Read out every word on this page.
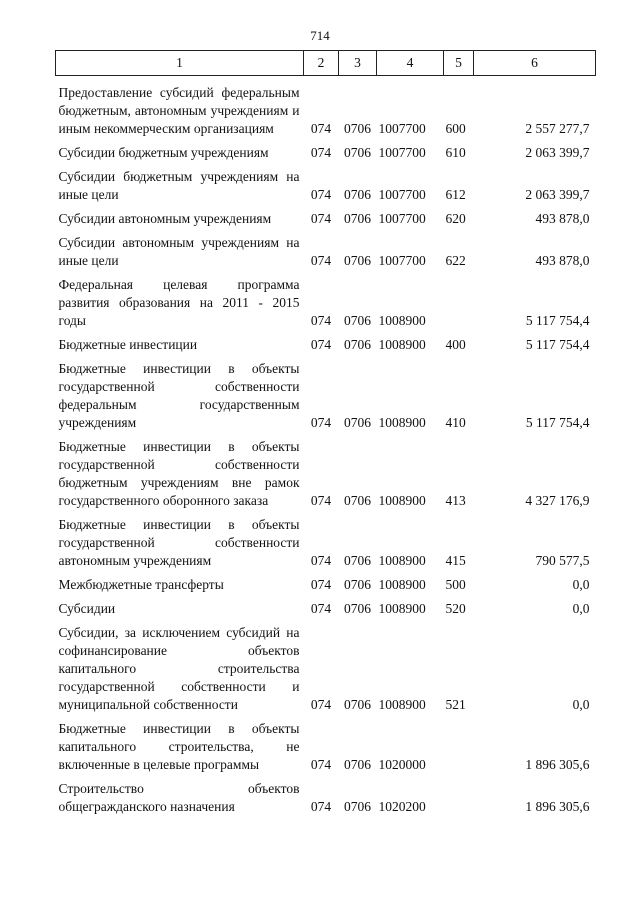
714
1	2	3	4	5	6
Предоставление субсидий федеральным бюджетным, автономным учреждениям и иным некоммерческим организациям	074	0706	1007700	600	2 557 277,7
Субсидии бюджетным учреждениям	074	0706	1007700	610	2 063 399,7
Субсидии бюджетным учреждениям на иные цели	074	0706	1007700	612	2 063 399,7
Субсидии автономным учреждениям	074	0706	1007700	620	493 878,0
Субсидии автономным учреждениям на иные цели	074	0706	1007700	622	493 878,0
Федеральная целевая программа развития образования на 2011 - 2015 годы	074	0706	1008900		5 117 754,4
Бюджетные инвестиции	074	0706	1008900	400	5 117 754,4
Бюджетные инвестиции в объекты государственной собственности федеральным государственным учреждениям	074	0706	1008900	410	5 117 754,4
Бюджетные инвестиции в объекты государственной собственности бюджетным учреждениям вне рамок государственного оборонного заказа	074	0706	1008900	413	4 327 176,9
Бюджетные инвестиции в объекты государственной собственности автономным учреждениям	074	0706	1008900	415	790 577,5
Межбюджетные трансферты	074	0706	1008900	500	0,0
Субсидии	074	0706	1008900	520	0,0
Субсидии, за исключением субсидий на софинансирование объектов капитального строительства государственной собственности и муниципальной собственности	074	0706	1008900	521	0,0
Бюджетные инвестиции в объекты капитального строительства, не включенные в целевые программы	074	0706	1020000		1 896 305,6
Строительство объектов общегражданского назначения	074	0706	1020200		1 896 305,6
